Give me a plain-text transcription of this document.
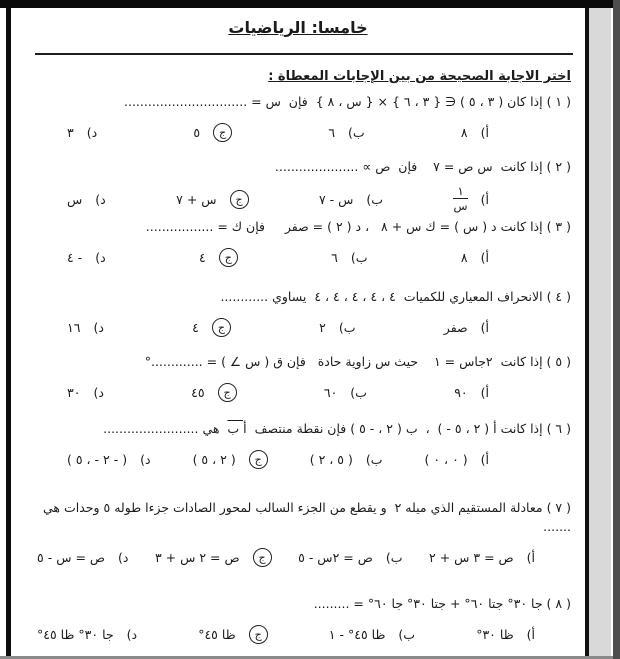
خامسا: الرياضيات
اختر الاجابة الصحيحة من بين الإجابات المعطاة :
( ١ ) إذا كان ( ٣ ، ٥ ) ∈ { ٣ ، ٦ } × { س ، ٨ }  فإن  س = ...............................
أ)
٨
ب)
٦
ج
٥
د)
٣
( ٢ ) إذا كانت  س ص = ٧    فإن  ص ∝ .....................
أ)
$\frac{١}{\text{س}}$
ب)
س - ٧
ج
س + ٧
د)
س
( ٣ ) إذا كانت د ( س ) = ك س + ٨   ، د ( ٢ ) = صفر     فإن ك = .................
أ)
٨
ب)
٦
ج
٤
د)
- ٤
( ٤ ) الانحراف المعياري للكميات  ٤ ، ٤ ، ٤ ، ٤ ، ٤  يساوي ............
أ)
صفر
ب)
٢
ج
٤
د)
١٦
( ٥ ) إذا كانت  ٢جاس = ١    حيث س زاوية حادة   فإن ق ‪( ∠ س )‬ = .............°
أ)
٩٠
ب)
٦٠
ج
٤٥
د)
٣٠
( ٦ ) إذا كانت أ ‪( - ٢ ، ٥ )‬  ،  ب ‪( ٢ ، - ٥ )‬ فإن نقطة منتصف  أ ب  هي ........................
أ)
‪( ٠ ، ٠ )‬
ب)
‪( ٥ ، ٢ )‬
ج
‪( ٢ ، ٥ )‬
د)
‪( ٢ - ، ٥ - )‬
( ٧ ) معادلة المستقيم الذي ميله ٢  و يقطع من الجزء السالب لمحور الصادات جزءا طوله ٥ وحدات هي .......
أ)
ص = ٣ س + ٢
ب)
ص = ٢س - ٥
ج
ص = ٢ س + ٣
د)
ص = س - ٥
( ٨ ) جا ٣٠° جتا ٦٠° + جتا ٣٠° جا ٦٠° = .........
أ)
ظا ٣٠°
ب)
ظا ٤٥° - ١
ج
ظا ٤٥°
د)
جا ٣٠° ظا ٤٥°
